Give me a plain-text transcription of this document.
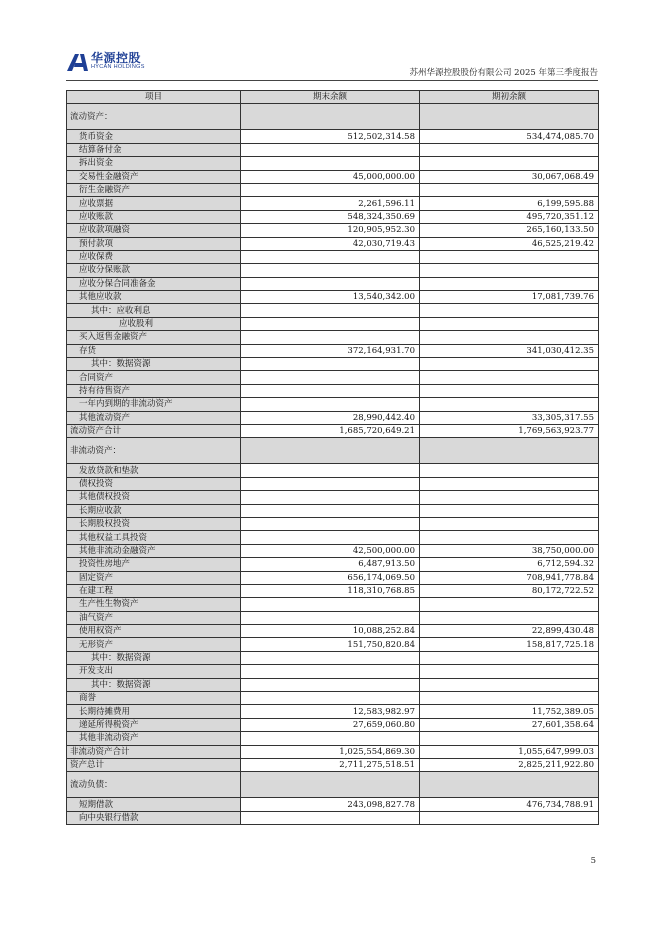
华源控股
HYCAN HOLDINGS
苏州华源控股股份有限公司 2025 年第三季度报告
项目	期末余额	期初余额
流动资产：		
货币资金	512,502,314.58	534,474,085.70
结算备付金		
拆出资金		
交易性金融资产	45,000,000.00	30,067,068.49
衍生金融资产		
应收票据	2,261,596.11	6,199,595.88
应收账款	548,324,350.69	495,720,351.12
应收款项融资	120,905,952.30	265,160,133.50
预付款项	42,030,719.43	46,525,219.42
应收保费		
应收分保账款		
应收分保合同准备金		
其他应收款	13,540,342.00	17,081,739.76
其中：应收利息		
应收股利		
买入返售金融资产		
存货	372,164,931.70	341,030,412.35
其中：数据资源		
合同资产		
持有待售资产		
一年内到期的非流动资产		
其他流动资产	28,990,442.40	33,305,317.55
流动资产合计	1,685,720,649.21	1,769,563,923.77
非流动资产：		
发放贷款和垫款		
债权投资		
其他债权投资		
长期应收款		
长期股权投资		
其他权益工具投资		
其他非流动金融资产	42,500,000.00	38,750,000.00
投资性房地产	6,487,913.50	6,712,594.32
固定资产	656,174,069.50	708,941,778.84
在建工程	118,310,768.85	80,172,722.52
生产性生物资产		
油气资产		
使用权资产	10,088,252.84	22,899,430.48
无形资产	151,750,820.84	158,817,725.18
其中：数据资源		
开发支出		
其中：数据资源		
商誉		
长期待摊费用	12,583,982.97	11,752,389.05
递延所得税资产	27,659,060.80	27,601,358.64
其他非流动资产		
非流动资产合计	1,025,554,869.30	1,055,647,999.03
资产总计	2,711,275,518.51	2,825,211,922.80
流动负债：		
短期借款	243,098,827.78	476,734,788.91
向中央银行借款		
5
